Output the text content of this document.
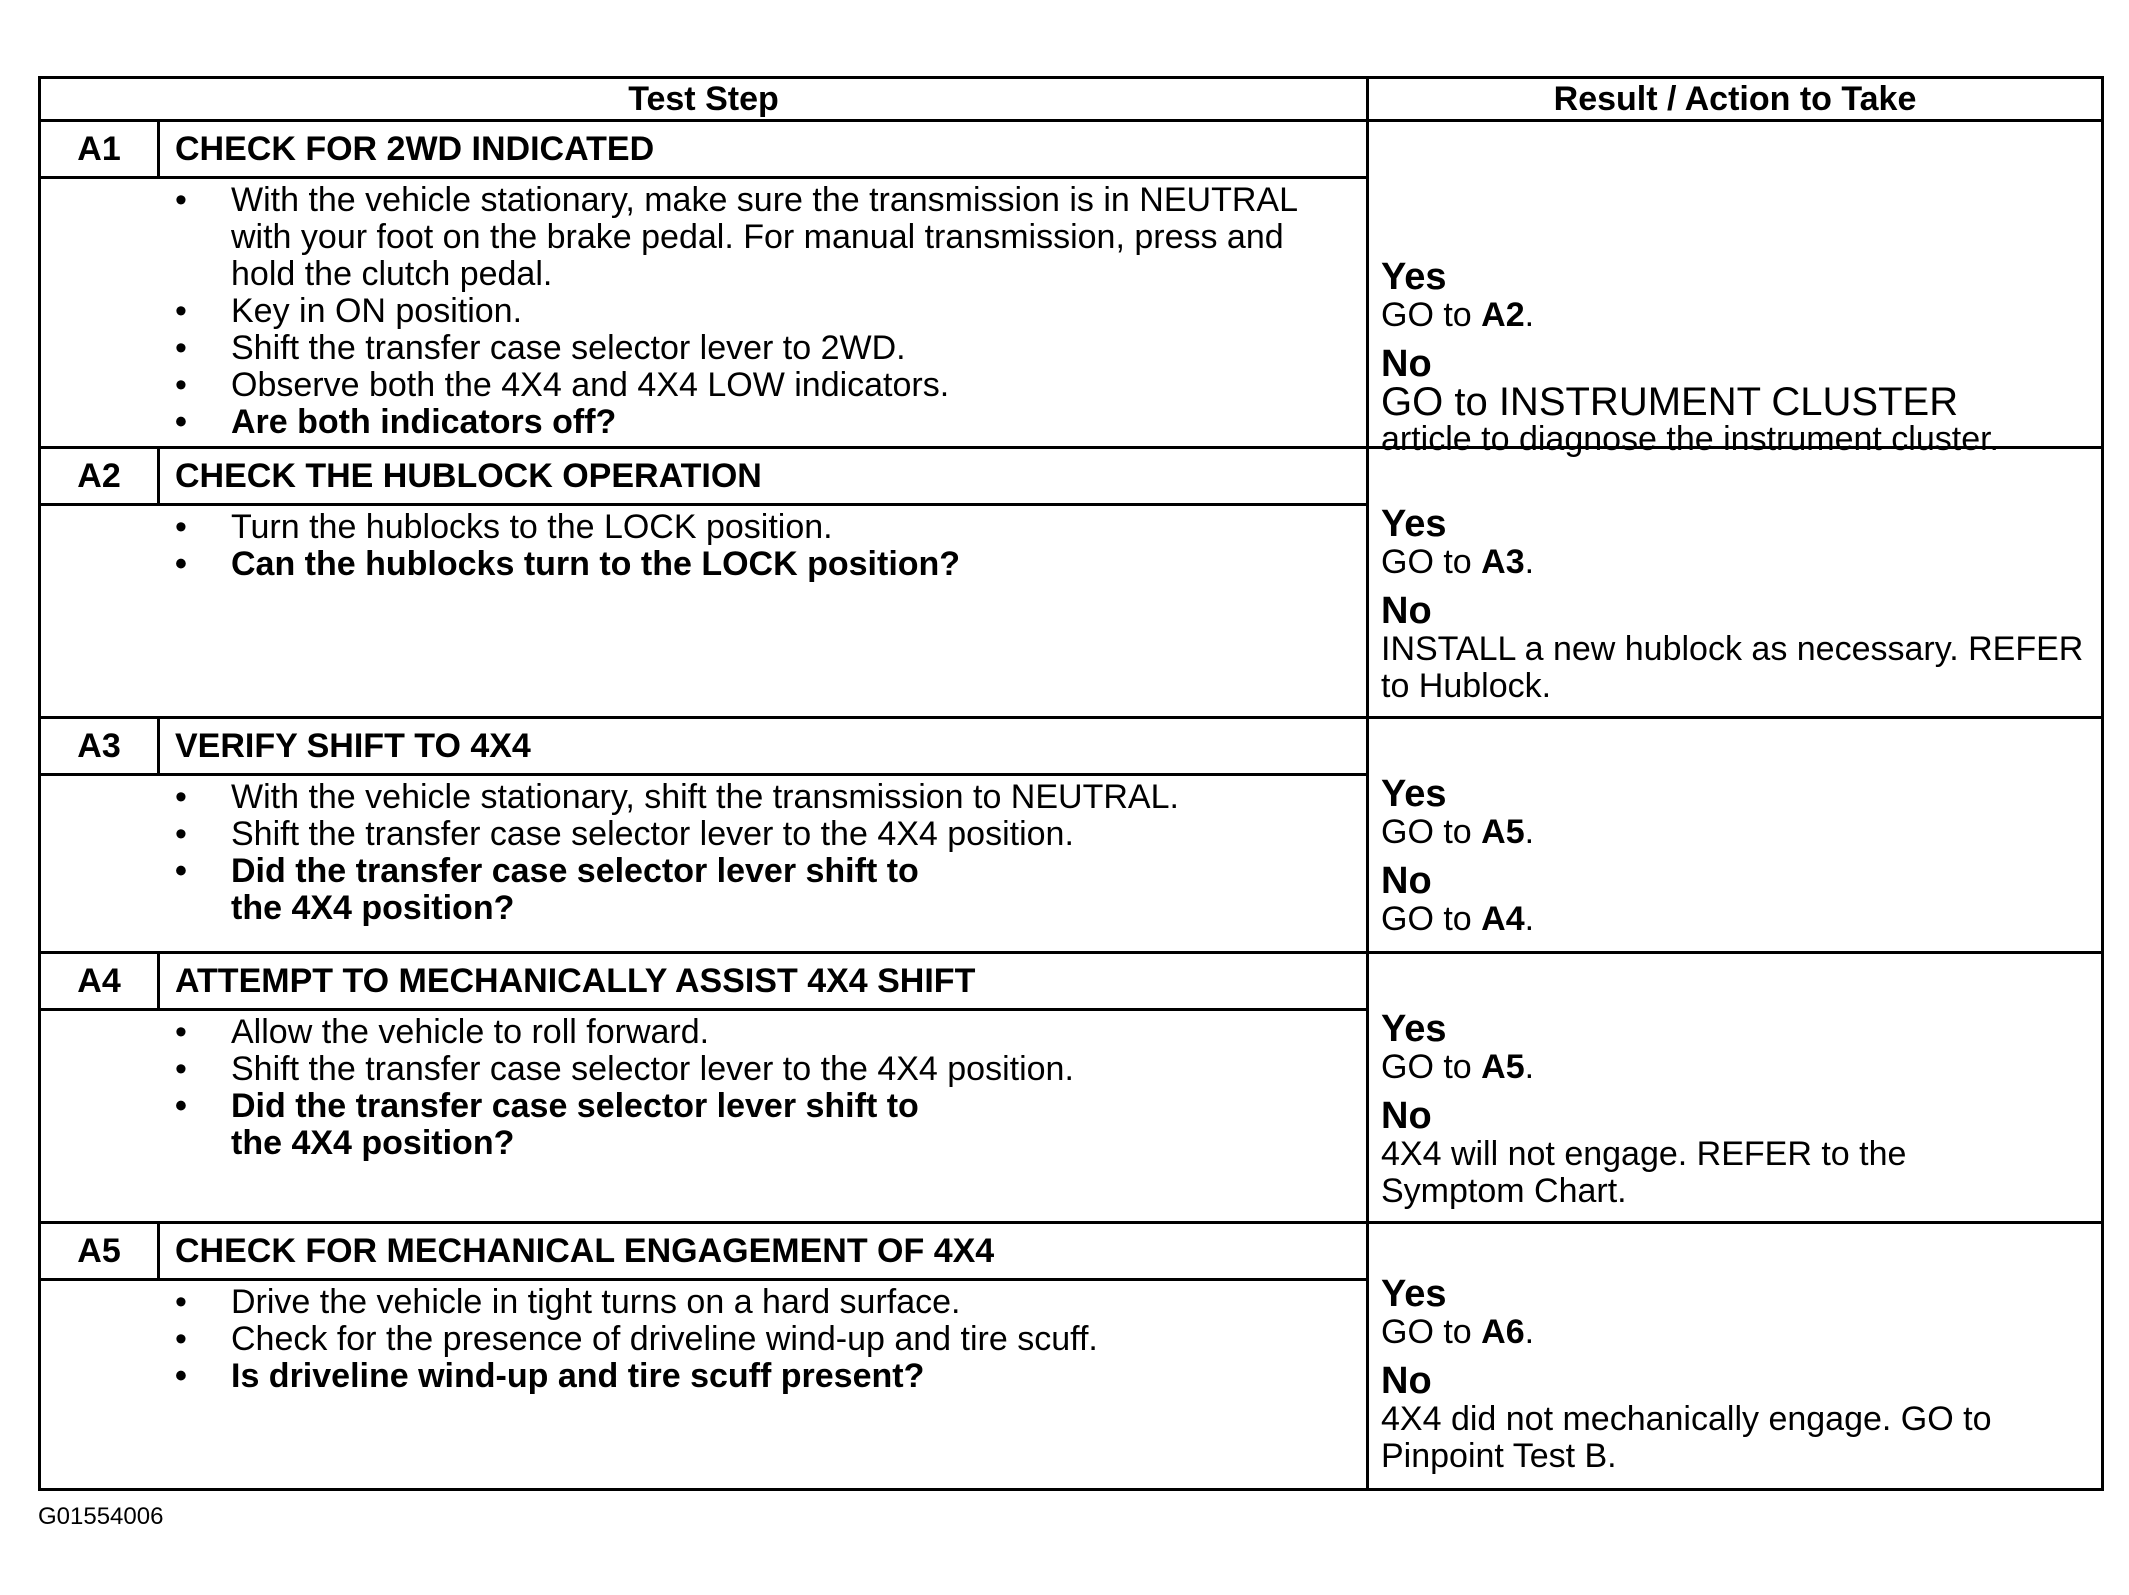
Test Step	Result / Action to Take
A1	CHECK FOR 2WD INDICATED
• With the vehicle stationary, make sure the transmission is in NEUTRAL with your foot on the brake pedal. For manual transmission, press and hold the clutch pedal.
• Key in ON position.
• Shift the transfer case selector lever to 2WD.
• Observe both the 4X4 and 4X4 LOW indicators.
• Are both indicators off?
Yes
GO to A2.
No
GO to INSTRUMENT CLUSTER
article to diagnose the instrument cluster.
A2	CHECK THE HUBLOCK OPERATION
• Turn the hublocks to the LOCK position.
• Can the hublocks turn to the LOCK position?
Yes
GO to A3.
No
INSTALL a new hublock as necessary. REFER to Hublock.
A3	VERIFY SHIFT TO 4X4
• With the vehicle stationary, shift the transmission to NEUTRAL.
• Shift the transfer case selector lever to the 4X4 position.
• Did the transfer case selector lever shift to the 4X4 position?
Yes
GO to A5.
No
GO to A4.
A4	ATTEMPT TO MECHANICALLY ASSIST 4X4 SHIFT
• Allow the vehicle to roll forward.
• Shift the transfer case selector lever to the 4X4 position.
• Did the transfer case selector lever shift to the 4X4 position?
Yes
GO to A5.
No
4X4 will not engage. REFER to the Symptom Chart.
A5	CHECK FOR MECHANICAL ENGAGEMENT OF 4X4
• Drive the vehicle in tight turns on a hard surface.
• Check for the presence of driveline wind-up and tire scuff.
• Is driveline wind-up and tire scuff present?
Yes
GO to A6.
No
4X4 did not mechanically engage. GO to Pinpoint Test B.
G01554006
